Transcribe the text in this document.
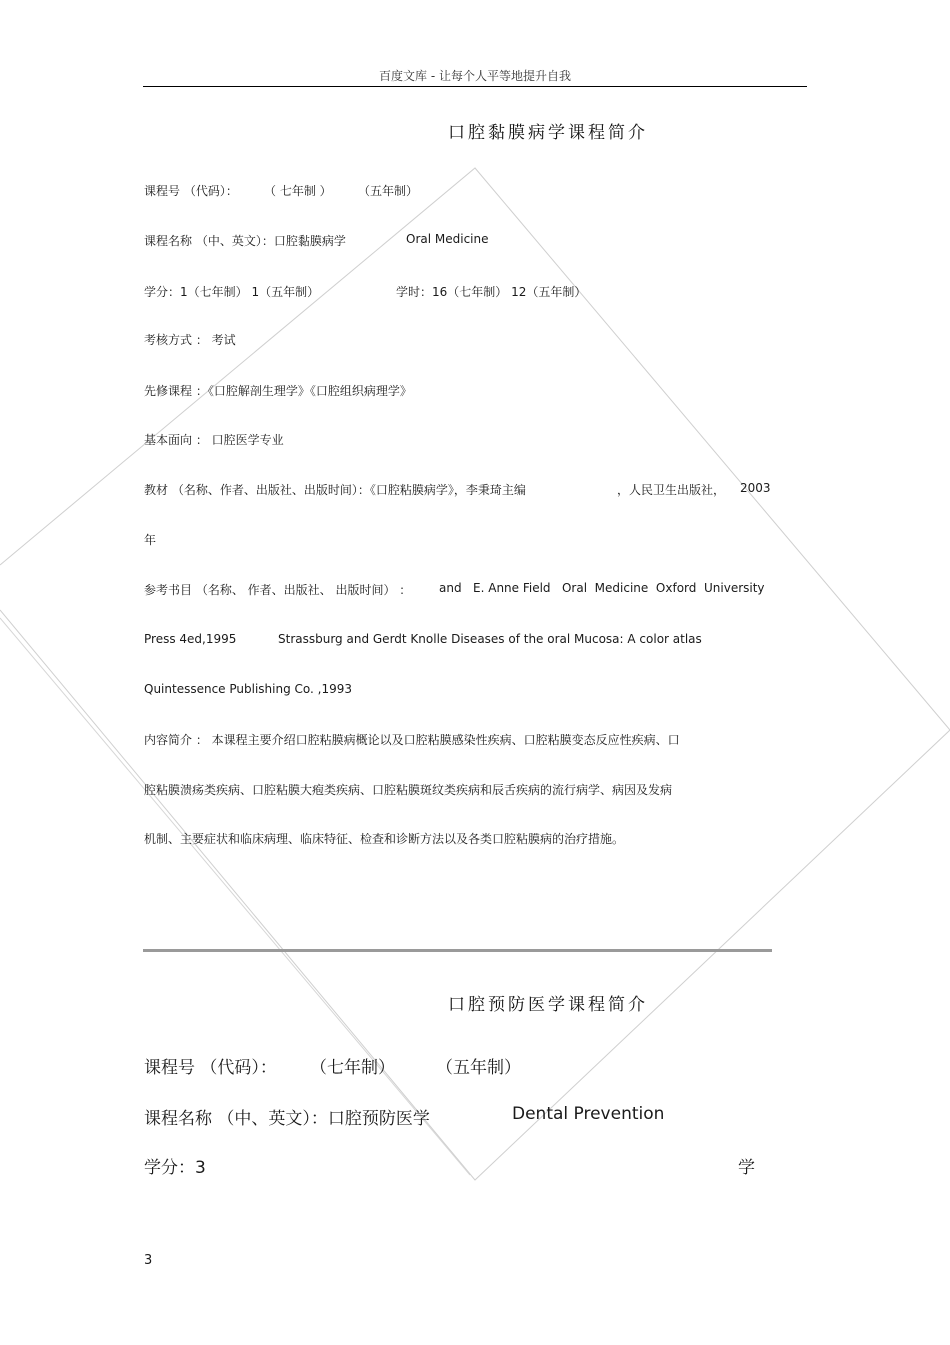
百度文库 - 让每个人平等地提升自我
口腔黏膜病学课程简介
课程号 （代码）： （ 七年制 ） （五年制）
课程名称 （中、英文）：口腔黏膜病学	Oral Medicine
学分：1（七年制） 1（五年制）	学时：16（七年制） 12（五年制）
考核方式 ： 考试
先修课程 ：《口腔解剖生理学》《口腔组织病理学》
基本面向 ： 口腔医学专业
教材 （名称、作者、出版社、出版时间）：《口腔粘膜病学》，李秉琦主编	，人民卫生出版社， 2003
年
参考书目 （名称、 作者、出版社、 出版时间） ： and   E. Anne Field   Oral  Medicine  Oxford  University
Press 4ed,1995	Strassburg and Gerdt Knolle Diseases of the oral Mucosa: A color atlas
Quintessence Publishing Co. ,1993
内容简介 ： 本课程主要介绍口腔粘膜病概论以及口腔粘膜感染性疾病、口腔粘膜变态反应性疾病、口
腔粘膜溃疡类疾病、口腔粘膜大疱类疾病、口腔粘膜斑纹类疾病和辰舌疾病的流行病学、病因及发病
机制、主要症状和临床病理、临床特征、检查和诊断方法以及各类口腔粘膜病的治疗措施。
口腔预防医学课程简介
课程号 （代码）： （七年制） （五年制）
课程名称 （中、英文）：口腔预防医学	Dental Prevention
学分：3	学
3
